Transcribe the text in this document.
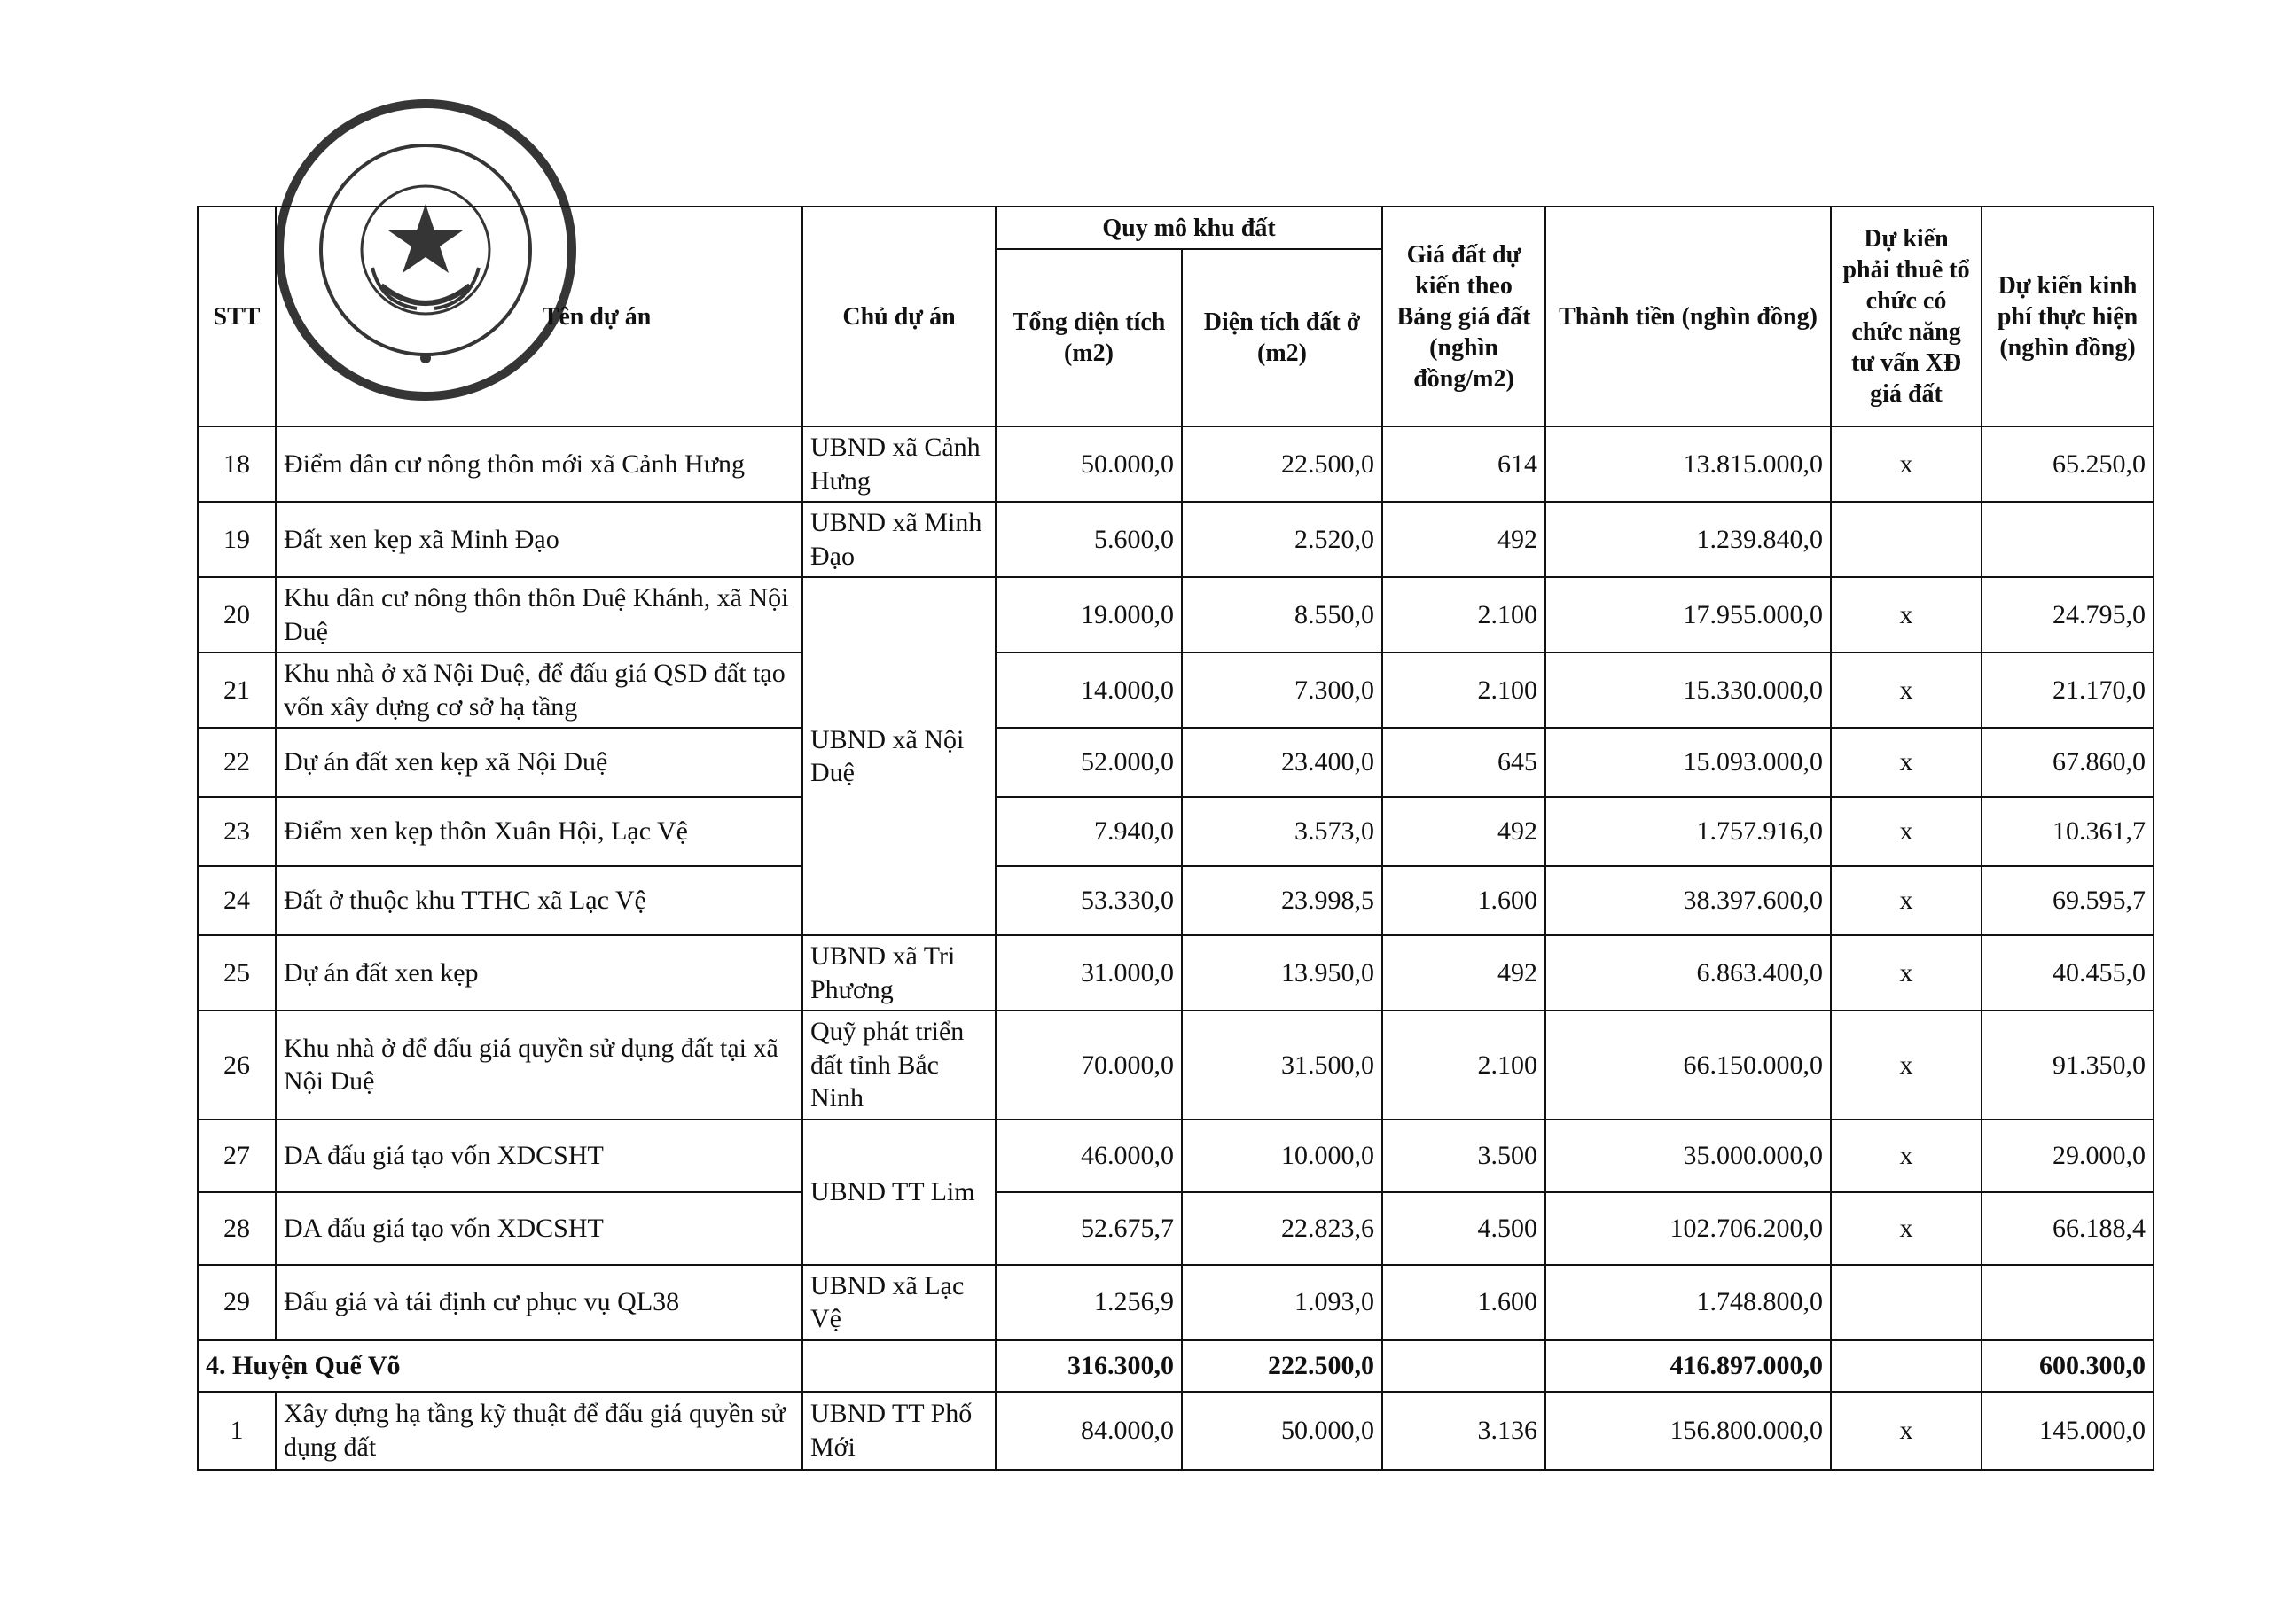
STT	Tên dự án	Chủ dự án	Quy mô khu đất		Giá đất dự kiến theo Bảng giá đất (nghìn đồng/m2)	Thành tiền (nghìn đồng)	Dự kiến phải thuê tổ chức có chức năng tư vấn XĐ giá đất	Dự kiến kinh phí thực hiện (nghìn đồng)
			Tổng diện tích (m2)	Diện tích đất ở (m2)				
18	Điểm dân cư nông thôn mới xã Cảnh Hưng	UBND xã Cảnh Hưng	50.000,0	22.500,0	614	13.815.000,0	x	65.250,0
19	Đất xen kẹp xã Minh Đạo	UBND xã Minh Đạo	5.600,0	2.520,0	492	1.239.840,0		
20	Khu dân cư nông thôn thôn Duệ Khánh, xã Nội Duệ	UBND xã Nội Duệ	19.000,0	8.550,0	2.100	17.955.000,0	x	24.795,0
21	Khu nhà ở xã Nội Duệ, để đấu giá QSD đất tạo vốn xây dựng cơ sở hạ tầng		14.000,0	7.300,0	2.100	15.330.000,0	x	21.170,0
22	Dự án đất xen kẹp xã Nội Duệ		52.000,0	23.400,0	645	15.093.000,0	x	67.860,0
23	Điểm xen kẹp thôn Xuân Hội, Lạc Vệ		7.940,0	3.573,0	492	1.757.916,0	x	10.361,7
24	Đất ở thuộc khu TTHC xã Lạc Vệ		53.330,0	23.998,5	1.600	38.397.600,0	x	69.595,7
25	Dự án đất xen kẹp	UBND xã Tri Phương	31.000,0	13.950,0	492	6.863.400,0	x	40.455,0
26	Khu nhà ở để đấu giá quyền sử dụng đất tại xã Nội Duệ	Quỹ phát triển đất tỉnh Bắc Ninh	70.000,0	31.500,0	2.100	66.150.000,0	x	91.350,0
27	DA đấu giá tạo vốn XDCSHT	UBND TT Lim	46.000,0	10.000,0	3.500	35.000.000,0	x	29.000,0
28	DA đấu giá tạo vốn XDCSHT		52.675,7	22.823,6	4.500	102.706.200,0	x	66.188,4
29	Đấu giá và tái định cư phục vụ QL38	UBND xã Lạc Vệ	1.256,9	1.093,0	1.600	1.748.800,0		
4. Huyện Quế Võ			316.300,0	222.500,0		416.897.000,0		600.300,0
1	Xây dựng hạ tầng kỹ thuật để đấu giá quyền sử dụng đất	UBND TT Phố Mới	84.000,0	50.000,0	3.136	156.800.000,0	x	145.000,0
